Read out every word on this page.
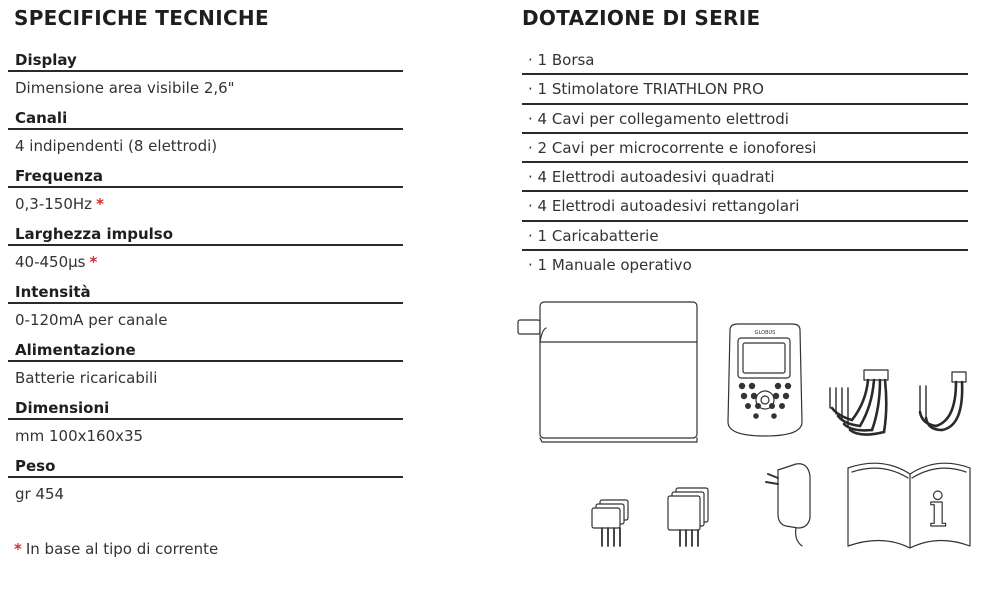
SPECIFICHE TECNICHE	DOTAZIONE DI SERIE
Display
Dimensione area visibile 2,6"
Canali
4 indipendenti (8 elettrodi)
Frequenza
0,3-150Hz *
Larghezza impulso
40-450µs *
Intensità
0-120mA per canale
Alimentazione
Batterie ricaricabili
Dimensioni
mm 100x160x35
Peso
gr 454
* In base al tipo di corrente
· 1 Borsa
· 1 Stimolatore TRIATHLON PRO
· 4 Cavi per collegamento elettrodi
· 2 Cavi per microcorrente e ionoforesi
· 4 Elettrodi autoadesivi quadrati
· 4 Elettrodi autoadesivi rettangolari
· 1 Caricabatterie
· 1 Manuale operativo
GLOBUS
i
